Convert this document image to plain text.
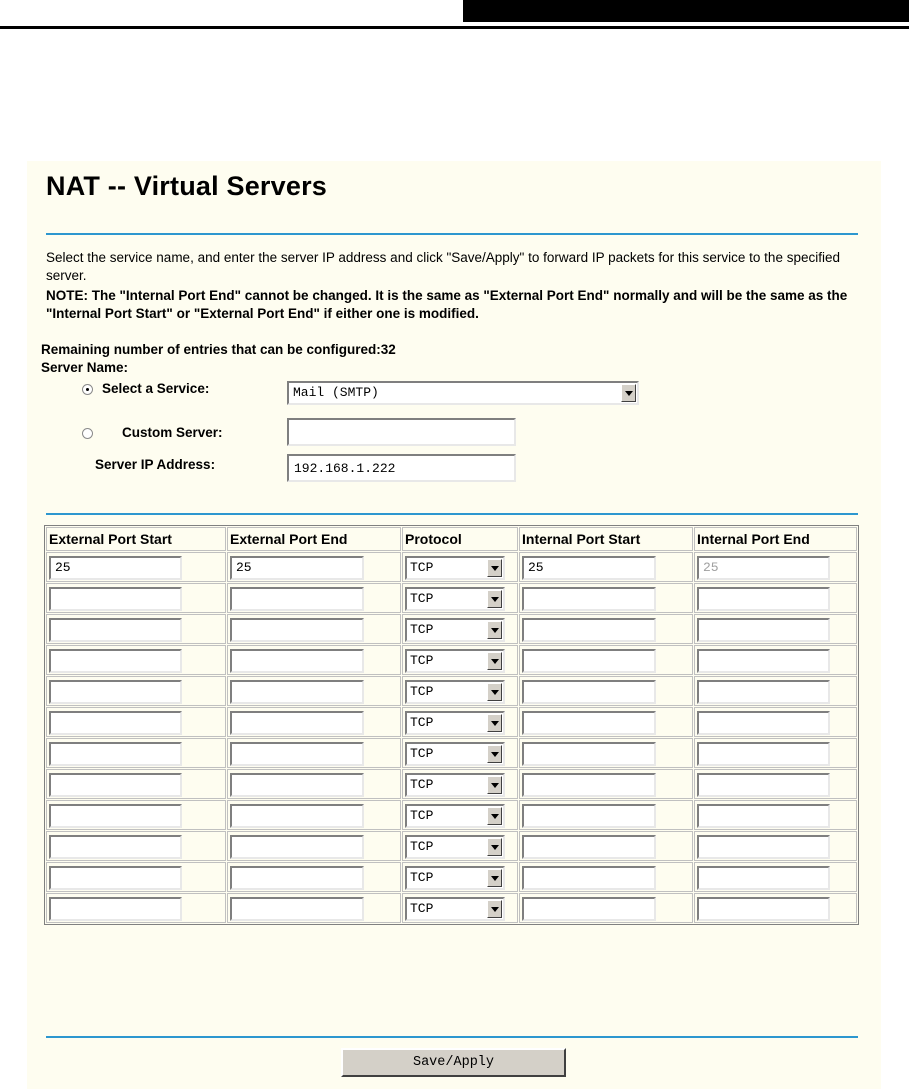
NAT -- Virtual Servers
Select the service name, and enter the server IP address and click "Save/Apply" to forward IP packets for this service to the specified server.
NOTE: The "Internal Port End" cannot be changed. It is the same as "External Port End" normally and will be the same as the "Internal Port Start" or "External Port End" if either one is modified.
Remaining number of entries that can be configured:32
Server Name:
Select a Service:	Mail (SMTP)
Custom Server:
Server IP Address:	192.168.1.222
External Port Start	External Port End	Protocol	Internal Port Start	Internal Port End

25	25	TCP	25	25

		TCP		

		TCP		

		TCP		

		TCP		

		TCP		

		TCP		

		TCP		

		TCP		

		TCP		

		TCP		

		TCP		

Save/Apply
